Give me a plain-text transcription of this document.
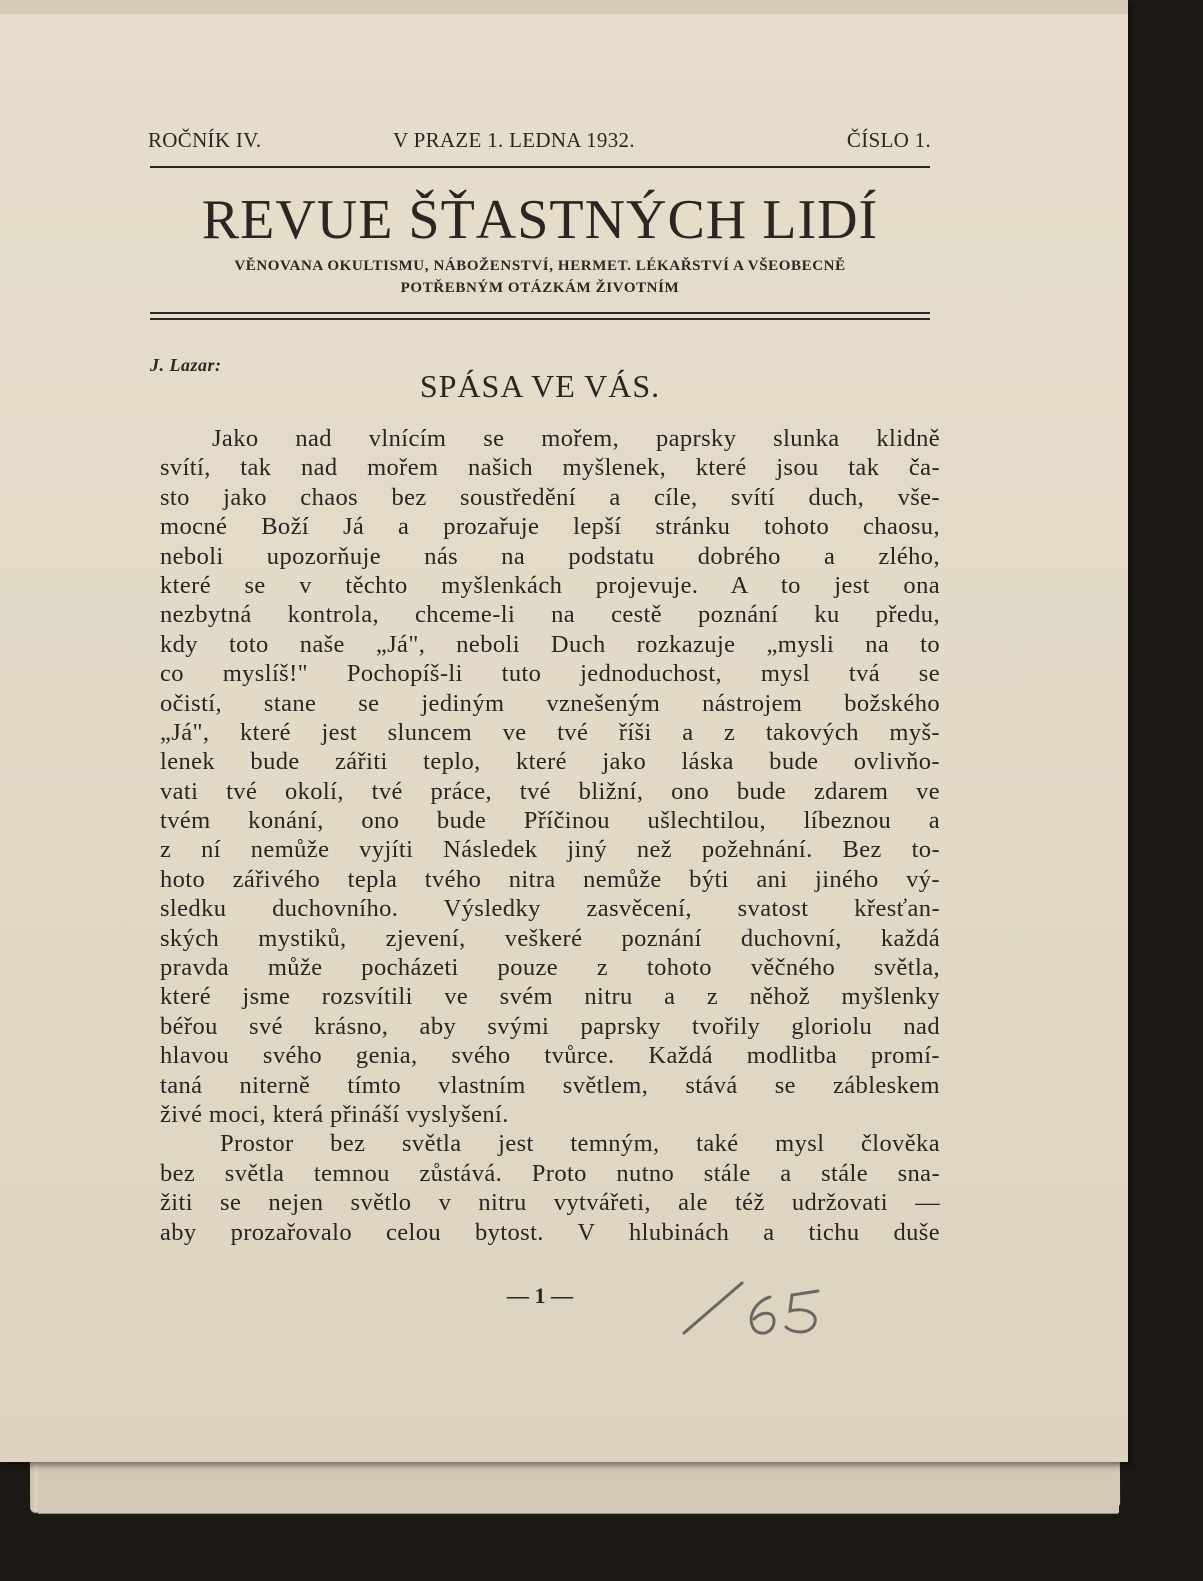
ROČNÍK IV.	V PRAZE 1. LEDNA 1932.	ČÍSLO 1.
REVUE ŠŤASTNÝCH LIDÍ
VĚNOVANA OKULTISMU, NÁBOŽENSTVÍ, HERMET. LÉKAŘSTVÍ A VŠEOBECNĚ
POTŘEBNÝM OTÁZKÁM ŽIVOTNÍM
J. Lazar:
SPÁSA VE VÁS.
Jako nad vlnícím se mořem, paprsky slunka klidně
svítí, tak nad mořem našich myšlenek, které jsou tak ča-
sto jako chaos bez soustředění a cíle, svítí duch, vše-
mocné Boží Já a prozařuje lepší stránku tohoto chaosu,
neboli upozorňuje nás na podstatu dobrého a zlého,
které se v těchto myšlenkách projevuje. A to jest ona
nezbytná kontrola, chceme-li na cestě poznání ku předu,
kdy toto naše „Já", neboli Duch rozkazuje „mysli na to
co myslíš!" Pochopíš-li tuto jednoduchost, mysl tvá se
očistí, stane se jediným vznešeným nástrojem božského
„Já", které jest sluncem ve tvé říši a z takových myš-
lenek bude zářiti teplo, které jako láska bude ovlivňo-
vati tvé okolí, tvé práce, tvé bližní, ono bude zdarem ve
tvém konání, ono bude Příčinou ušlechtilou, líbeznou a
z ní nemůže vyjíti Následek jiný než požehnání. Bez to-
hoto zářivého tepla tvého nitra nemůže býti ani jiného vý-
sledku duchovního. Výsledky zasvěcení, svatost křesťan-
ských mystiků, zjevení, veškeré poznání duchovní, každá
pravda může pocházeti pouze z tohoto věčného světla,
které jsme rozsvítili ve svém nitru a z něhož myšlenky
béřou své krásno, aby svými paprsky tvořily gloriolu nad
hlavou svého genia, svého tvůrce. Každá modlitba promí-
taná niterně tímto vlastním světlem, stává se zábleskem
živé moci, která přináší vyslyšení.
Prostor bez světla jest temným, také mysl člověka
bez světla temnou zůstává. Proto nutno stále a stále sna-
žiti se nejen světlo v nitru vytvářeti, ale též udržovati —
aby prozařovalo celou bytost. V hlubinách a tichu duše
— 1 —
